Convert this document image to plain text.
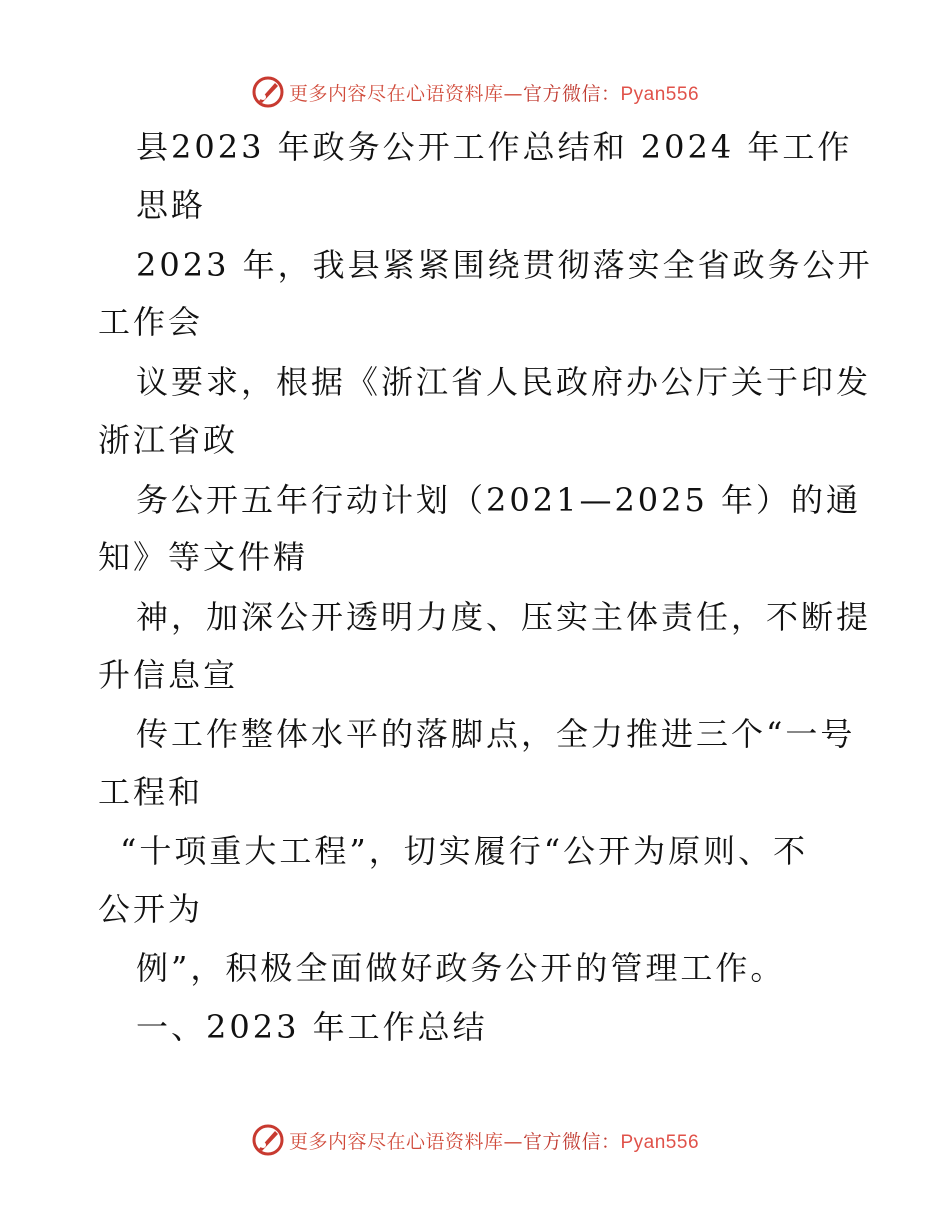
更多内容尽在心语资料库—官方微信：Pyan556
县2023 年政务公开工作总结和 2024 年工作
思路
2023 年，我县紧紧围绕贯彻落实全省政务公开
工作会
议要求，根据《浙江省人民政府办公厅关于印发
浙江省政
务公开五年行动计划（2021—2025 年）的通
知》等文件精
神，加深公开透明力度、压实主体责任，不断提
升信息宣
传工作整体水平的落脚点，全力推进三个“一号
工程和
“十项重大工程”，切实履行“公开为原则、不
公开为
例”，积极全面做好政务公开的管理工作。
一、2023 年工作总结
更多内容尽在心语资料库—官方微信：Pyan556
